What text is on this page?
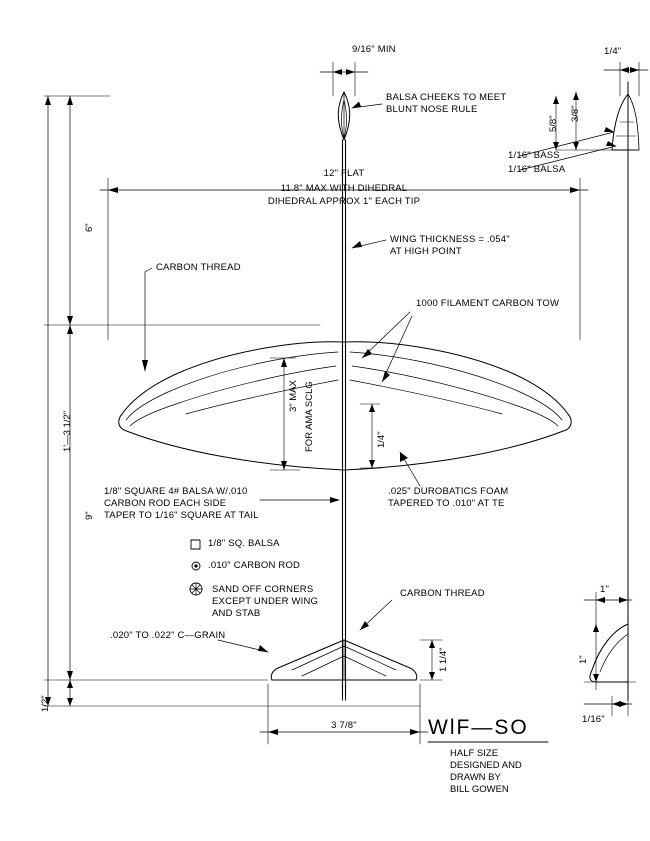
9/16" MIN
BALSA CHEEKS TO MEET
BLUNT NOSE RULE
12" FLAT
11.8" MAX WITH DIHEDRAL
DIHEDRAL APPROX 1" EACH TIP
6"
9"
1'—3 1/2"
1/2"
CARBON THREAD
WING THICKNESS = .054"
AT HIGH POINT
1000 FILAMENT CARBON TOW
3" MAX FOR AMA SCLG	1/4"
1/8" SQUARE 4# BALSA W/.010
CARBON ROD EACH SIDE
TAPER TO 1/16" SQUARE AT TAIL
.025" DUROBATICS FOAM
TAPERED TO .010" AT TE
1/8" SQ. BALSA
.010" CARBON ROD
SAND OFF CORNERS
EXCEPT UNDER WING
AND STAB
.020" TO .022" C—GRAIN
CARBON THREAD
1 1/4"
3 7/8"
1/4"
5/8"
3/8"
1/16" BASS
1/16" BALSA
1"
1"
1/16"
WlF—SO
HALF SIZE
DESIGNED AND
DRAWN BY
BILL GOWEN
